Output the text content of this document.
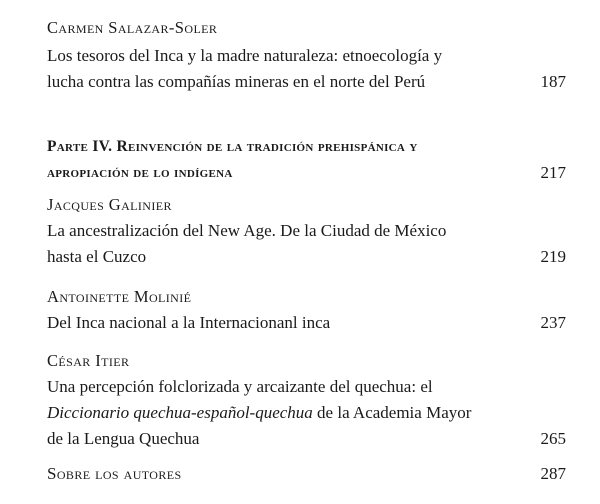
Carmen Salazar-Soler
Los tesoros del Inca y la madre naturaleza: etnoecología y
lucha contra las compañías mineras en el norte del Perú	187
Parte IV. Reinvención de la tradición prehispánica y
apropiación de lo indígena	217
Jacques Galinier
La ancestralización del New Age. De la Ciudad de México
hasta el Cuzco	219
Antoinette Molinié
Del Inca nacional a la Internacionanl inca	237
César Itier
Una percepción folclorizada y arcaizante del quechua: el
Diccionario quechua-español-quechua de la Academia Mayor
de la Lengua Quechua	265
Sobre los autores	287
